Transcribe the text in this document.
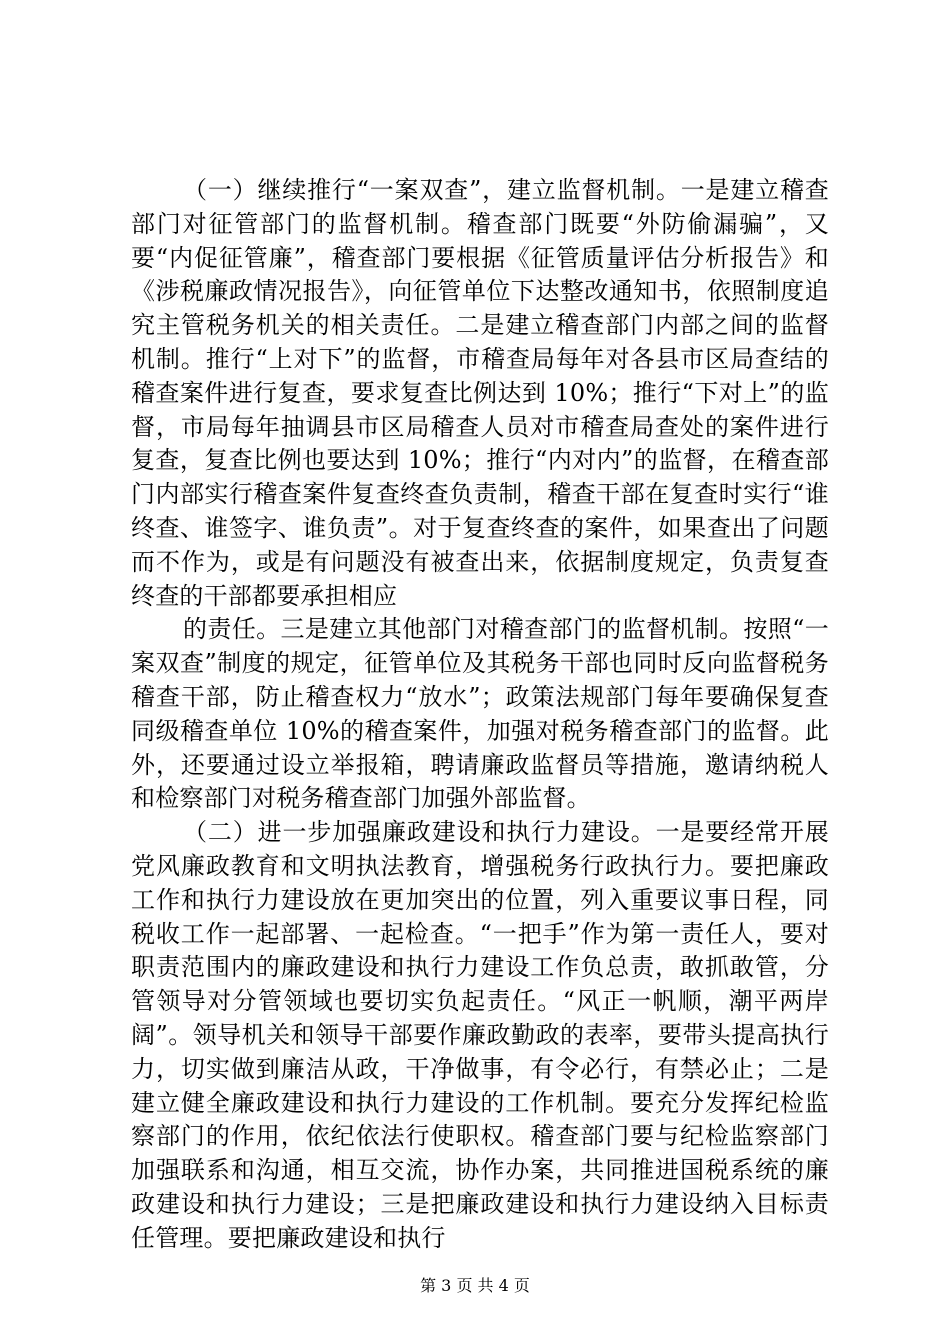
（一）继续推行“一案双查”，建立监督机制。一是建立稽查部门对征管部门的监督机制。稽查部门既要“外防偷漏骗”，又要“内促征管廉”，稽查部门要根据《征管质量评估分析报告》和《涉税廉政情况报告》，向征管单位下达整改通知书，依照制度追究主管税务机关的相关责任。二是建立稽查部门内部之间的监督机制。推行“上对下”的监督，市稽查局每年对各县市区局查结的稽查案件进行复查，要求复查比例达到 10%；推行“下对上”的监督，市局每年抽调县市区局稽查人员对市稽查局查处的案件进行复查，复查比例也要达到 10%；推行“内对内”的监督，在稽查部门内部实行稽查案件复查终查负责制，稽查干部在复查时实行“谁终查、谁签字、谁负责”。对于复查终查的案件，如果查出了问题而不作为，或是有问题没有被查出来，依据制度规定，负责复查终查的干部都要承担相应

的责任。三是建立其他部门对稽查部门的监督机制。按照“一案双查”制度的规定，征管单位及其税务干部也同时反向监督税务稽查干部，防止稽查权力“放水”；政策法规部门每年要确保复查同级稽查单位 10%的稽查案件，加强对税务稽查部门的监督。此外，还要通过设立举报箱，聘请廉政监督员等措施，邀请纳税人和检察部门对税务稽查部门加强外部监督。

（二）进一步加强廉政建设和执行力建设。一是要经常开展党风廉政教育和文明执法教育，增强税务行政执行力。要把廉政工作和执行力建设放在更加突出的位置，列入重要议事日程，同税收工作一起部署、一起检查。“一把手”作为第一责任人，要对职责范围内的廉政建设和执行力建设工作负总责，敢抓敢管，分管领导对分管领域也要切实负起责任。“风正一帆顺，潮平两岸阔”。领导机关和领导干部要作廉政勤政的表率，要带头提高执行力，切实做到廉洁从政，干净做事，有令必行，有禁必止；二是建立健全廉政建设和执行力建设的工作机制。要充分发挥纪检监察部门的作用，依纪依法行使职权。稽查部门要与纪检监察部门加强联系和沟通，相互交流，协作办案，共同推进国税系统的廉政建设和执行力建设；三是把廉政建设和执行力建设纳入目标责任管理。要把廉政建设和执行

第 3 页 共 4 页
